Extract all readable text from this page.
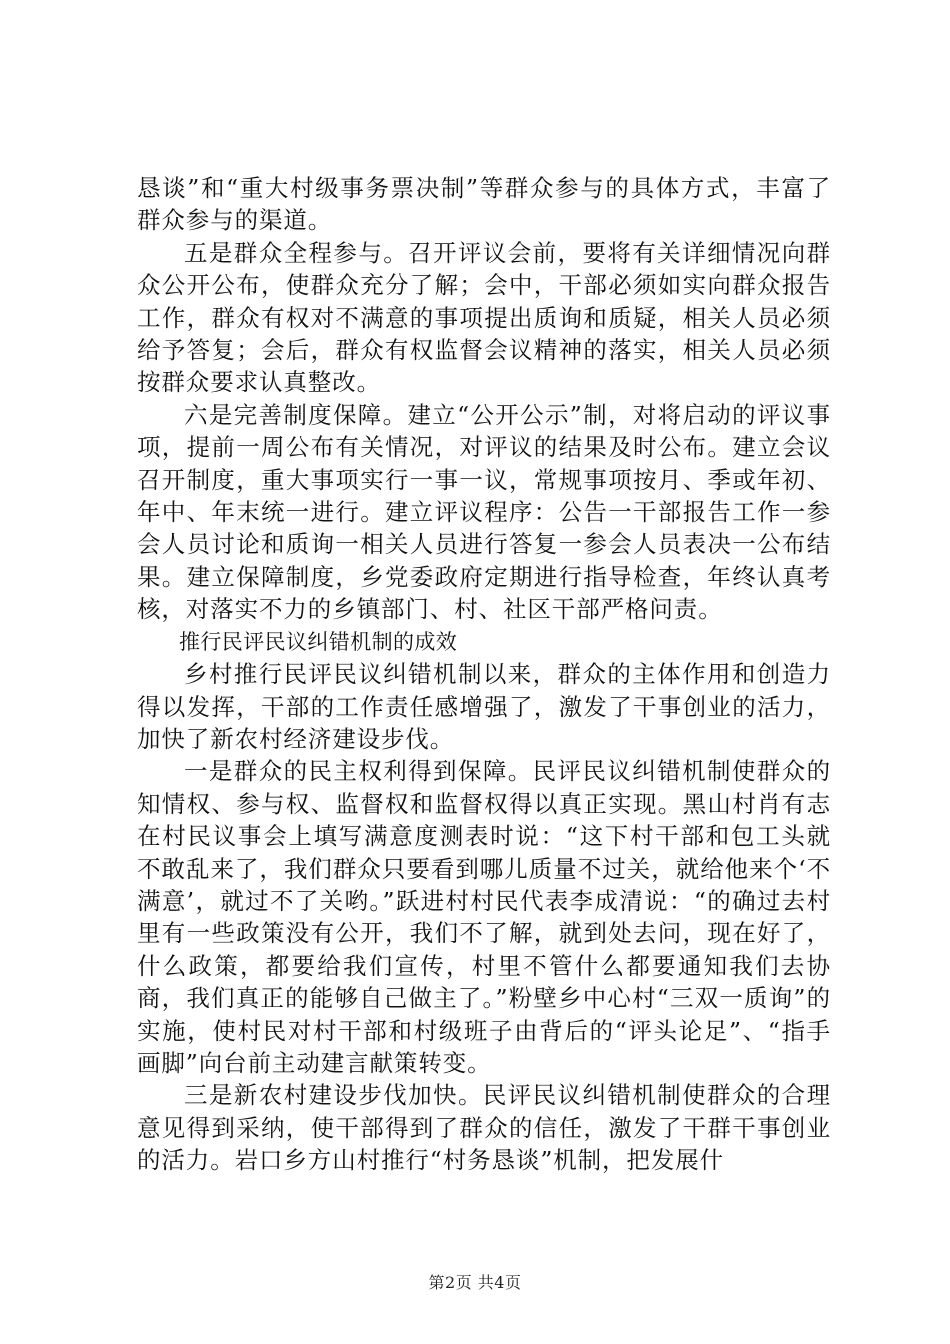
恳谈”和“重大村级事务票决制”等群众参与的具体方式，丰富了群众参与的渠道。

五是群众全程参与。召开评议会前，要将有关详细情况向群众公开公布，使群众充分了解；会中，干部必须如实向群众报告工作，群众有权对不满意的事项提出质询和质疑，相关人员必须给予答复；会后，群众有权监督会议精神的落实，相关人员必须按群众要求认真整改。

六是完善制度保障。建立“公开公示”制，对将启动的评议事项，提前一周公布有关情况，对评议的结果及时公布。建立会议召开制度，重大事项实行一事一议，常规事项按月、季或年初、年中、年末统一进行。建立评议程序：公告一干部报告工作一参会人员讨论和质询一相关人员进行答复一参会人员表决一公布结果。建立保障制度，乡党委政府定期进行指导检查，年终认真考核，对落实不力的乡镇部门、村、社区干部严格问责。

推行民评民议纠错机制的成效

乡村推行民评民议纠错机制以来，群众的主体作用和创造力得以发挥，干部的工作责任感增强了，激发了干事创业的活力，加快了新农村经济建设步伐。

一是群众的民主权利得到保障。民评民议纠错机制使群众的知情权、参与权、监督权和监督权得以真正实现。黑山村肖有志在村民议事会上填写满意度测表时说：“这下村干部和包工头就不敢乱来了，我们群众只要看到哪儿质量不过关，就给他来个‘不满意’，就过不了关哟。”跃进村村民代表李成清说：“的确过去村里有一些政策没有公开，我们不了解，就到处去问，现在好了，什么政策，都要给我们宣传，村里不管什么都要通知我们去协商，我们真正的能够自己做主了。”粉壁乡中心村“三双一质询”的实施，使村民对村干部和村级班子由背后的“评头论足”、“指手画脚”向台前主动建言献策转变。

三是新农村建设步伐加快。民评民议纠错机制使群众的合理意见得到采纳，使干部得到了群众的信任，激发了干群干事创业的活力。岩口乡方山村推行“村务恳谈”机制，把发展什

第2页 共4页
